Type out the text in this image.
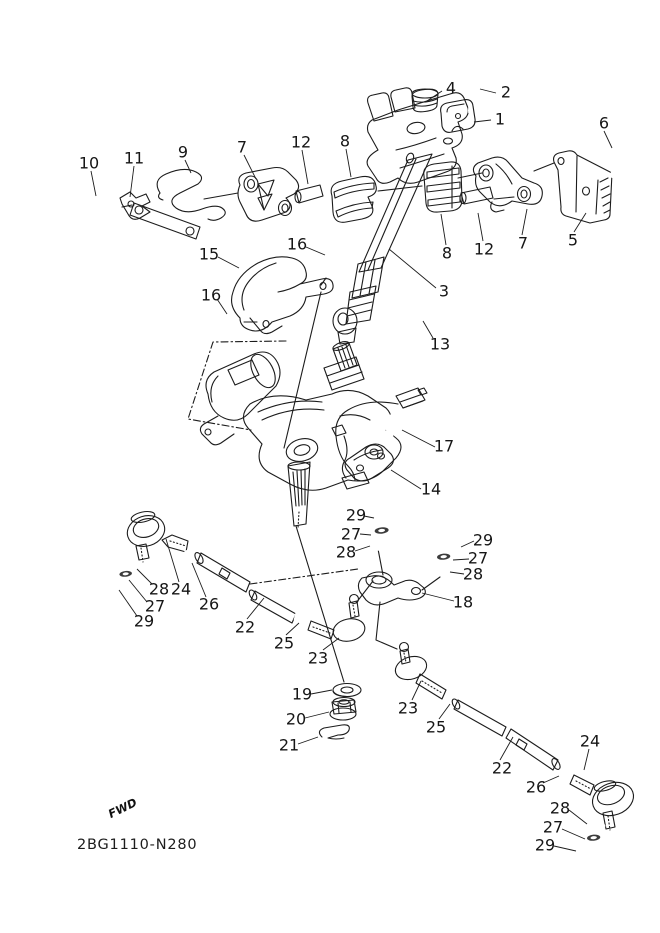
FWD
2BG1110-N280
1
2
3
4
5
6
7
7
8
8
9
10 11
12
12
13
14
15
16
16
17
18
19
20
21
22
22
23
23
24
24
25
25
26
26
27
27
27
27
28
28
28
28
29
29
29
29
